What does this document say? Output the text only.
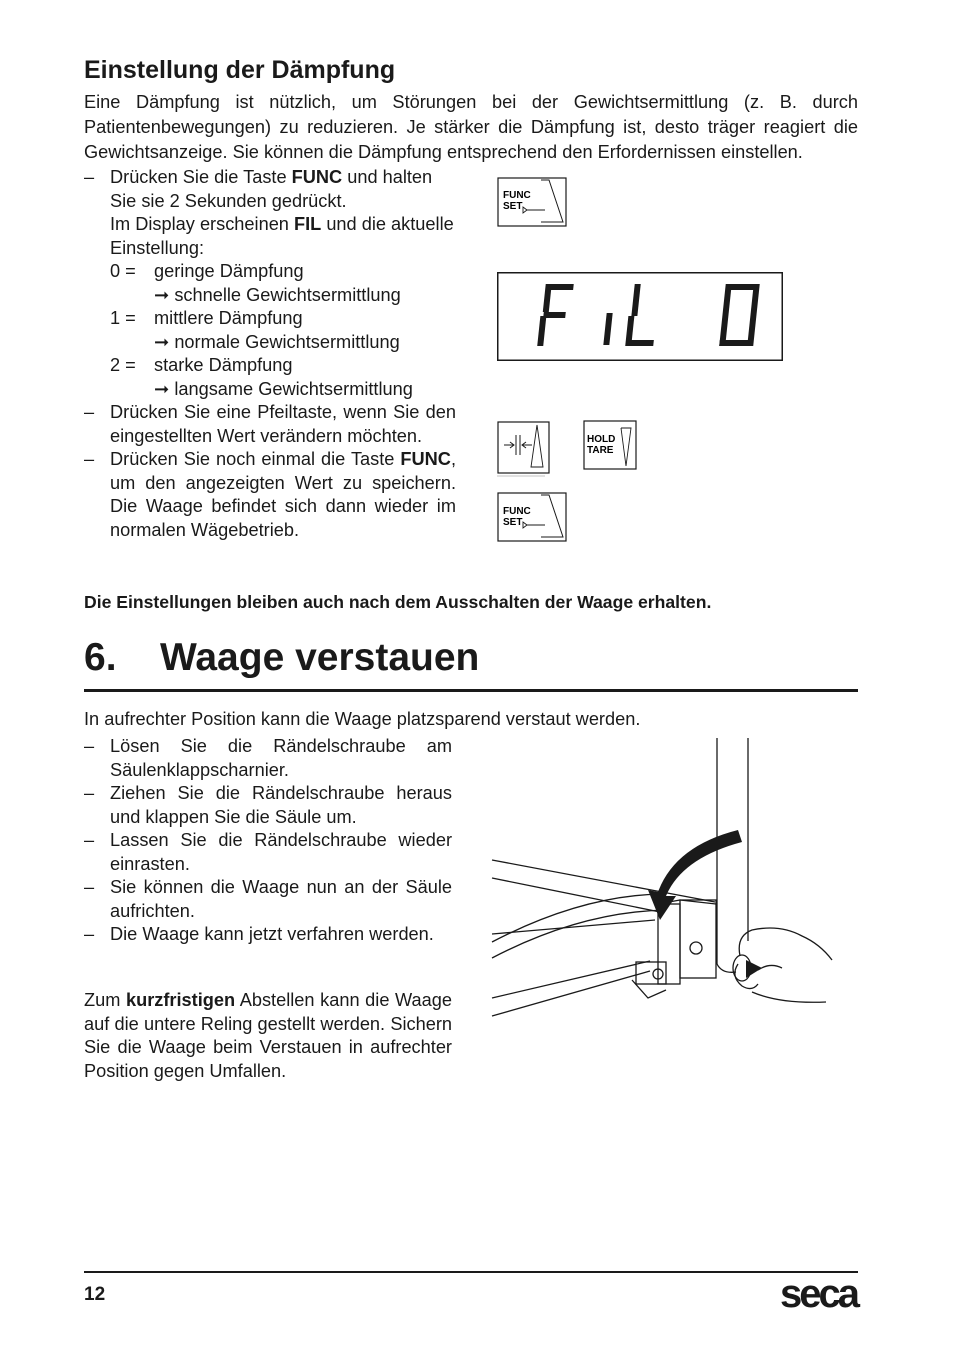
Einstellung der Dämpfung

Eine Dämpfung ist nützlich, um Störungen bei der Gewichtsermittlung (z. B. durch Patientenbewegungen) zu reduzieren. Je stärker die Dämpfung ist, desto träger reagiert die Gewichtsanzeige. Sie können die Dämpfung entsprechend den Erfordernissen einstellen.

– Drücken Sie die Taste FUNC und halten Sie sie 2 Sekunden gedrückt.
Im Display erscheinen FIL und die aktuelle Einstellung:
0 =	geringe Dämpfung
➞ schnelle Gewichtsermittlung
1 =	mittlere Dämpfung
➞ normale Gewichtsermittlung
2 =	starke Dämpfung
➞ langsame Gewichtsermittlung
– Drücken Sie eine Pfeiltaste, wenn Sie den eingestellten Wert verändern möchten.
– Drücken Sie noch einmal die Taste FUNC, um den angezeigten Wert zu speichern. Die Waage befindet sich dann wieder im normalen Wägebetrieb.
FUNC
SET
HOLD
TARE
FUNC
SET

Die Einstellungen bleiben auch nach dem Ausschalten der Waage erhalten.

6. Waage verstauen

In aufrechter Position kann die Waage platzsparend verstaut werden.

– Lösen Sie die Rändelschraube am Säulenklappscharnier.
– Ziehen Sie die Rändelschraube heraus und klappen Sie die Säule um.
– Lassen Sie die Rändelschraube wieder einrasten.
– Sie können die Waage nun an der Säule aufrichten.
– Die Waage kann jetzt verfahren werden.

Zum kurzfristigen Abstellen kann die Waage auf die untere Reling gestellt werden. Sichern Sie die Waage beim Verstauen in aufrechter Position gegen Umfallen.

12	seca
